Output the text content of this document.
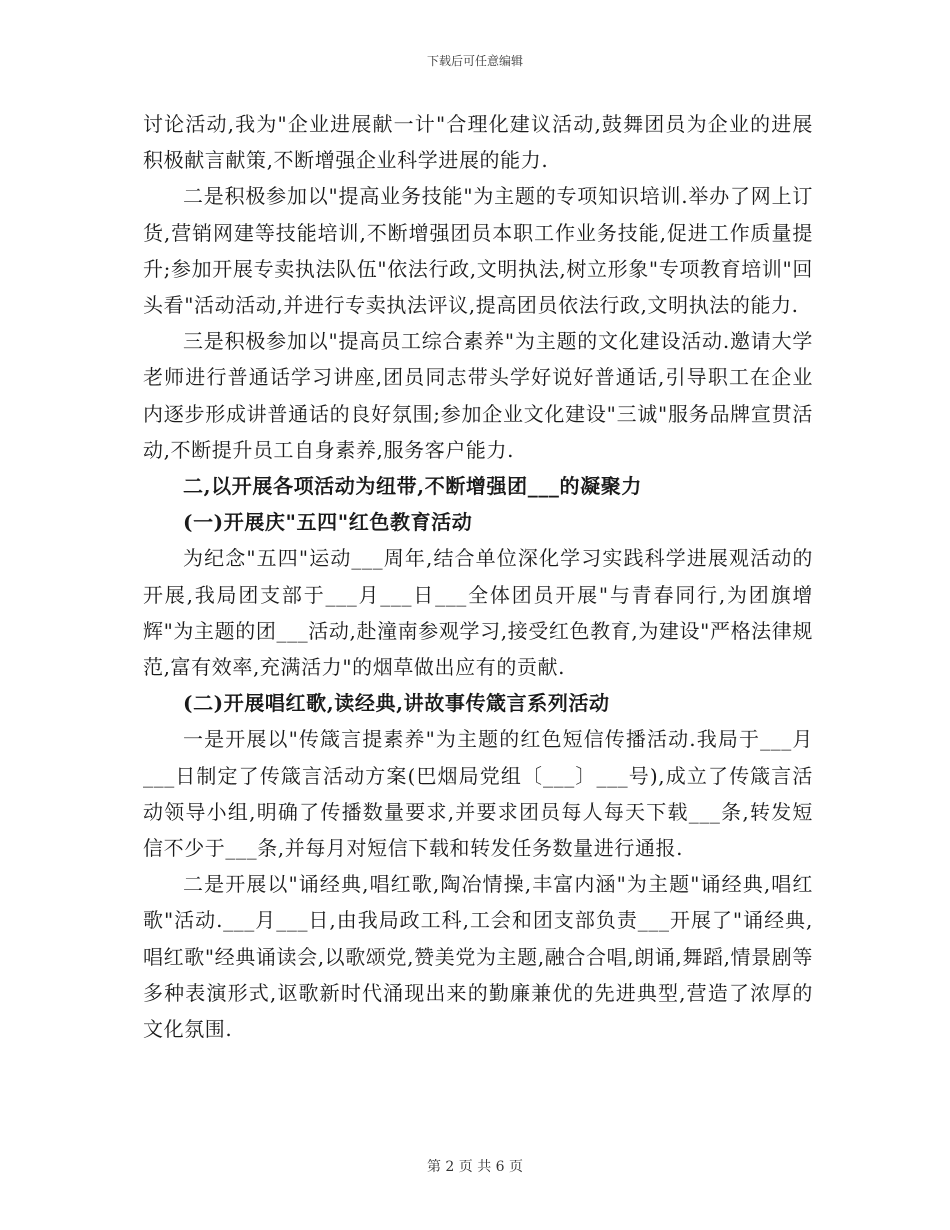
下载后可任意编辑

讨论活动,我为"企业进展献一计"合理化建议活动,鼓舞团员为企业的进展积极献言献策,不断增强企业科学进展的能力.

二是积极参加以"提高业务技能"为主题的专项知识培训.举办了网上订货,营销网建等技能培训,不断增强团员本职工作业务技能,促进工作质量提升;参加开展专卖执法队伍"依法行政,文明执法,树立形象"专项教育培训"回头看"活动活动,并进行专卖执法评议,提高团员依法行政,文明执法的能力.

三是积极参加以"提高员工综合素养"为主题的文化建设活动.邀请大学老师进行普通话学习讲座,团员同志带头学好说好普通话,引导职工在企业内逐步形成讲普通话的良好氛围;参加企业文化建设"三诚"服务品牌宣贯活动,不断提升员工自身素养,服务客户能力.

二,以开展各项活动为纽带,不断增强团___的凝聚力

(一)开展庆"五四"红色教育活动

为纪念"五四"运动___周年,结合单位深化学习实践科学进展观活动的开展,我局团支部于___月___日___全体团员开展"与青春同行,为团旗增辉"为主题的团___活动,赴潼南参观学习,接受红色教育,为建设"严格法律规范,富有效率,充满活力"的烟草做出应有的贡献.

(二)开展唱红歌,读经典,讲故事传箴言系列活动

一是开展以"传箴言提素养"为主题的红色短信传播活动.我局于___月___日制定了传箴言活动方案(巴烟局党组〔___〕___号),成立了传箴言活动领导小组,明确了传播数量要求,并要求团员每人每天下载___条,转发短信不少于___条,并每月对短信下载和转发任务数量进行通报.

二是开展以"诵经典,唱红歌,陶冶情操,丰富内涵"为主题"诵经典,唱红歌"活动.___月___日,由我局政工科,工会和团支部负责___开展了"诵经典,唱红歌"经典诵读会,以歌颂党,赞美党为主题,融合合唱,朗诵,舞蹈,情景剧等多种表演形式,讴歌新时代涌现出来的勤廉兼优的先进典型,营造了浓厚的文化氛围.

第 2 页 共 6 页
